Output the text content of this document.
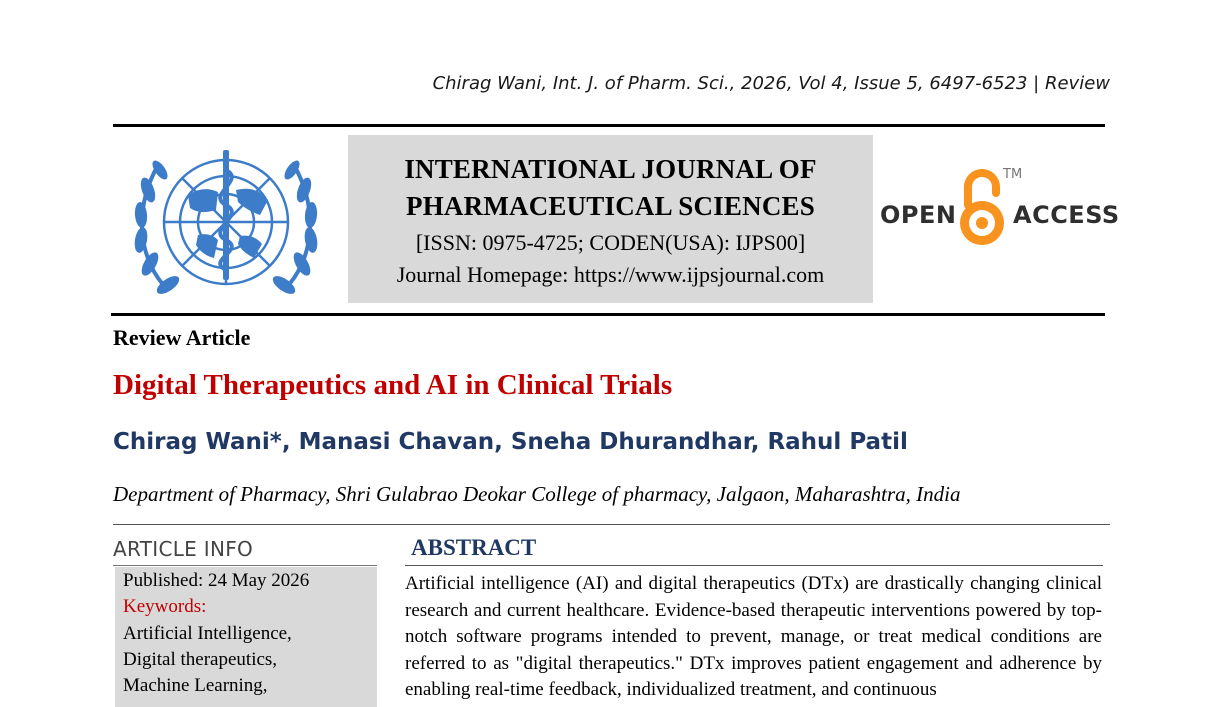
Chirag Wani, Int. J. of Pharm. Sci., 2026, Vol 4, Issue 5, 6497-6523 | Review
INTERNATIONAL JOURNAL OF
PHARMACEUTICAL SCIENCES
[ISSN: 0975-4725; CODEN(USA): IJPS00]
Journal Homepage: https://www.ijpsjournal.com
OPEN
TM
ACCESS
Review Article
Digital Therapeutics and AI in Clinical Trials
Chirag Wani*, Manasi Chavan, Sneha Dhurandhar, Rahul Patil
Department of Pharmacy, Shri Gulabrao Deokar College of pharmacy, Jalgaon, Maharashtra, India
ARTICLE INFO
Published: 24 May 2026
Keywords:
Artificial Intelligence,
Digital therapeutics,
Machine Learning,
ABSTRACT
Artificial intelligence (AI) and digital therapeutics (DTx) are drastically changing clinical research and current healthcare. Evidence-based therapeutic interventions powered by top-notch software programs intended to prevent, manage, or treat medical conditions are referred to as "digital therapeutics." DTx improves patient engagement and adherence by enabling real-time feedback, individualized treatment, and continuous
